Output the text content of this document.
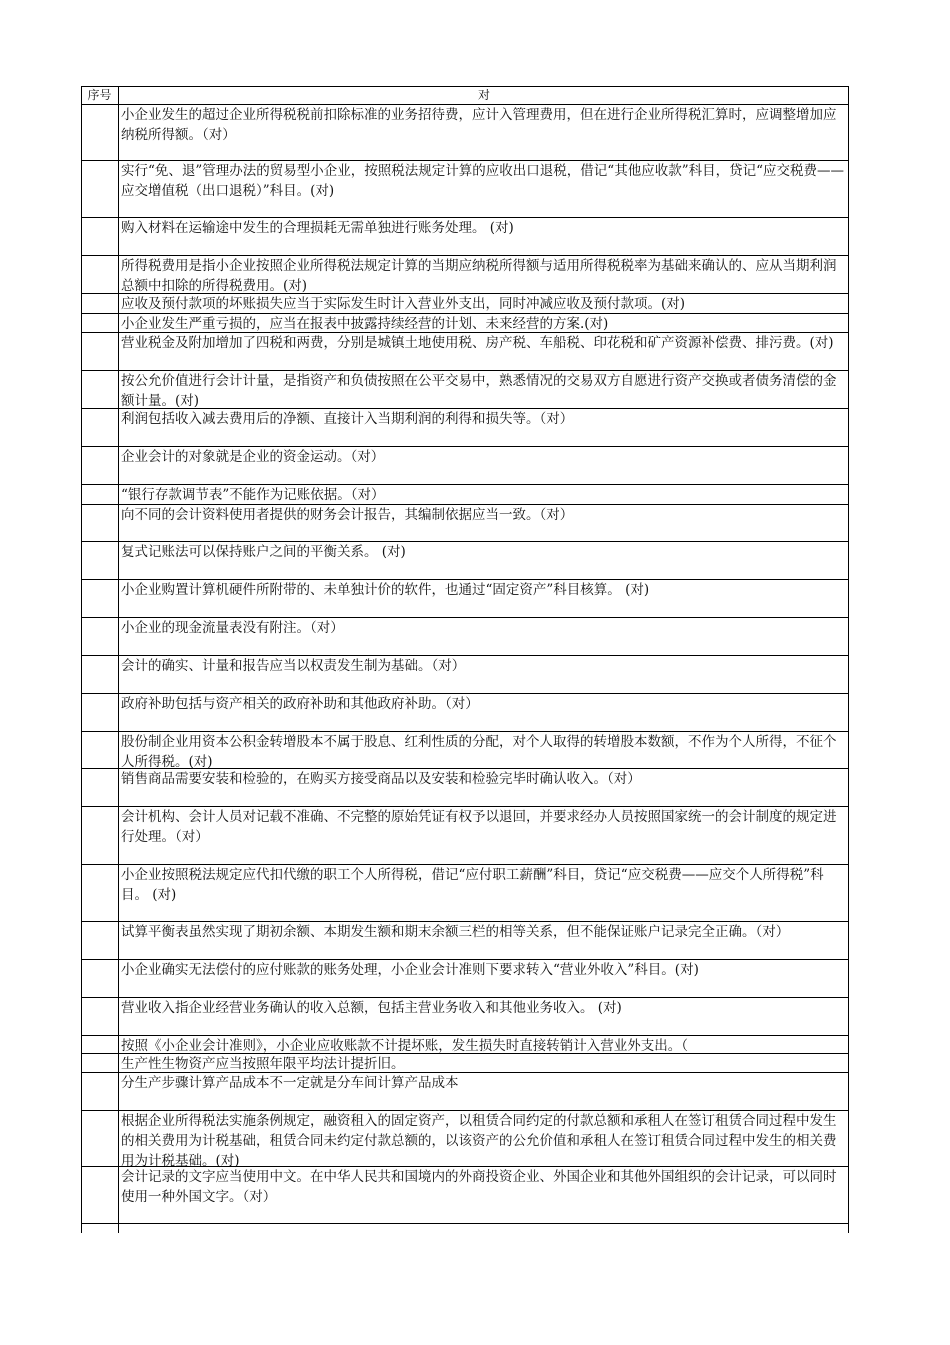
序号	对
小企业发生的超过企业所得税税前扣除标准的业务招待费，应计入管理费用，但在进行企业所得税汇算时，应调整增加应纳税所得额。（对）
实行“免、退”管理办法的贸易型小企业，按照税法规定计算的应收出口退税，借记“其他应收款”科目，贷记“应交税费——应交增值税（出口退税）”科目。(对)
购入材料在运输途中发生的合理损耗无需单独进行账务处理。 (对)
所得税费用是指小企业按照企业所得税法规定计算的当期应纳税所得额与适用所得税税率为基础来确认的、应从当期利润总额中扣除的所得税费用。(对)
应收及预付款项的坏账损失应当于实际发生时计入营业外支出，同时冲减应收及预付款项。(对)
小企业发生严重亏损的，应当在报表中披露持续经营的计划、未来经营的方案.(对)
营业税金及附加增加了四税和两费，分别是城镇土地使用税、房产税、车船税、印花税和矿产资源补偿费、排污费。(对)
按公允价值进行会计计量，是指资产和负债按照在公平交易中，熟悉情况的交易双方自愿进行资产交换或者债务清偿的金额计量。(对)
利润包括收入减去费用后的净额、直接计入当期利润的利得和损失等。（对）
企业会计的对象就是企业的资金运动。（对）
“银行存款调节表”不能作为记账依据。（对）
向不同的会计资料使用者提供的财务会计报告，其编制依据应当一致。（对）
复式记账法可以保持账户之间的平衡关系。 (对)
小企业购置计算机硬件所附带的、未单独计价的软件，也通过“固定资产”科目核算。 (对)
小企业的现金流量表没有附注。（对）
会计的确实、计量和报告应当以权责发生制为基础。（对）
政府补助包括与资产相关的政府补助和其他政府补助。（对）
股份制企业用资本公积金转增股本不属于股息、红利性质的分配，对个人取得的转增股本数额，不作为个人所得，不征个人所得税。(对)
销售商品需要安装和检验的，在购买方接受商品以及安装和检验完毕时确认收入。（对）
会计机构、会计人员对记载不准确、不完整的原始凭证有权予以退回，并要求经办人员按照国家统一的会计制度的规定进行处理。（对）
小企业按照税法规定应代扣代缴的职工个人所得税，借记“应付职工薪酬”科目，贷记“应交税费——应交个人所得税”科目。 (对)
试算平衡表虽然实现了期初余额、本期发生额和期末余额三栏的相等关系，但不能保证账户记录完全正确。（对）
小企业确实无法偿付的应付账款的账务处理，小企业会计准则下要求转入“营业外收入”科目。(对)
营业收入指企业经营业务确认的收入总额，包括主营业务收入和其他业务收入。 (对)
按照《小企业会计准则》，小企业应收账款不计提坏账，发生损失时直接转销计入营业外支出。（
生产性生物资产应当按照年限平均法计提折旧。
分生产步骤计算产品成本不一定就是分车间计算产品成本
根据企业所得税法实施条例规定，融资租入的固定资产，以租赁合同约定的付款总额和承租人在签订租赁合同过程中发生的相关费用为计税基础，租赁合同未约定付款总额的，以该资产的公允价值和承租人在签订租赁合同过程中发生的相关费用为计税基础。(对)
会计记录的文字应当使用中文。在中华人民共和国境内的外商投资企业、外国企业和其他外国组织的会计记录，可以同时使用一种外国文字。（对）
